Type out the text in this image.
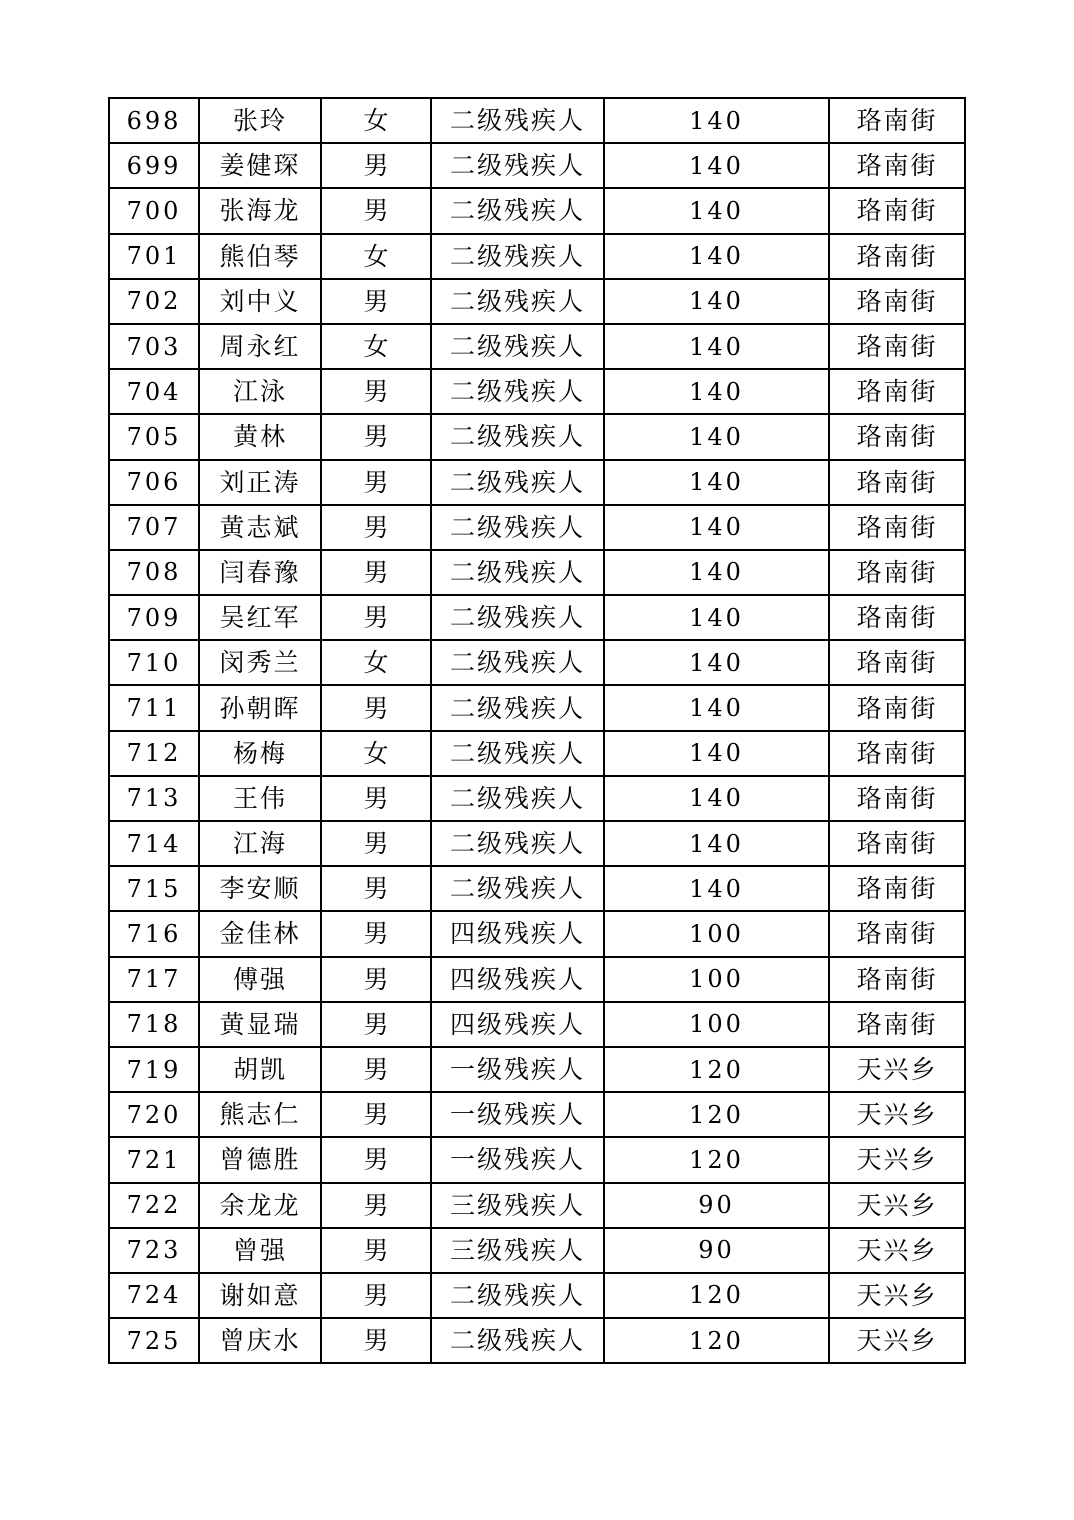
698	张玲	女	二级残疾人	140	珞南街
699	姜健琛	男	二级残疾人	140	珞南街
700	张海龙	男	二级残疾人	140	珞南街
701	熊伯琴	女	二级残疾人	140	珞南街
702	刘中义	男	二级残疾人	140	珞南街
703	周永红	女	二级残疾人	140	珞南街
704	江泳	男	二级残疾人	140	珞南街
705	黄林	男	二级残疾人	140	珞南街
706	刘正涛	男	二级残疾人	140	珞南街
707	黄志斌	男	二级残疾人	140	珞南街
708	闫春豫	男	二级残疾人	140	珞南街
709	吴红军	男	二级残疾人	140	珞南街
710	闵秀兰	女	二级残疾人	140	珞南街
711	孙朝晖	男	二级残疾人	140	珞南街
712	杨梅	女	二级残疾人	140	珞南街
713	王伟	男	二级残疾人	140	珞南街
714	江海	男	二级残疾人	140	珞南街
715	李安顺	男	二级残疾人	140	珞南街
716	金佳林	男	四级残疾人	100	珞南街
717	傅强	男	四级残疾人	100	珞南街
718	黄显瑞	男	四级残疾人	100	珞南街
719	胡凯	男	一级残疾人	120	天兴乡
720	熊志仁	男	一级残疾人	120	天兴乡
721	曾德胜	男	一级残疾人	120	天兴乡
722	余龙龙	男	三级残疾人	90	天兴乡
723	曾强	男	三级残疾人	90	天兴乡
724	谢如意	男	二级残疾人	120	天兴乡
725	曾庆水	男	二级残疾人	120	天兴乡
